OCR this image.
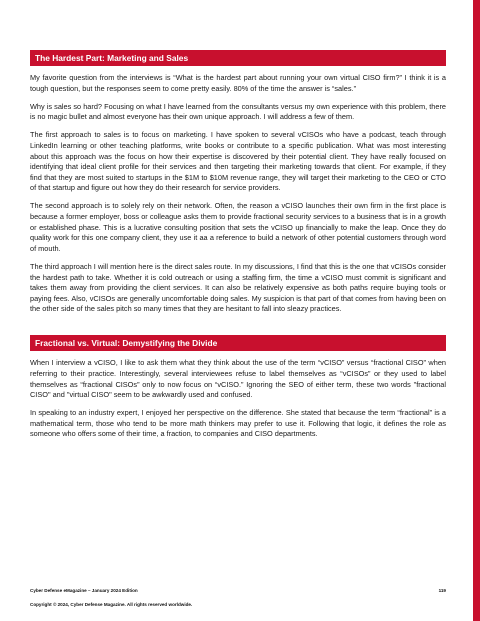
The Hardest Part: Marketing and Sales

My favorite question from the interviews is “What is the hardest part about running your own virtual CISO firm?” I think it is a tough question, but the responses seem to come pretty easily. 80% of the time the answer is “sales.”

Why is sales so hard? Focusing on what I have learned from the consultants versus my own experience with this problem, there is no magic bullet and almost everyone has their own unique approach. I will address a few of them.

The first approach to sales is to focus on marketing. I have spoken to several vCISOs who have a podcast, teach through LinkedIn learning or other teaching platforms, write books or contribute to a specific publication. What was most interesting about this approach was the focus on how their expertise is discovered by their potential client. They have really focused on identifying that ideal client profile for their services and then targeting their marketing towards that client. For example, if they find that they are most suited to startups in the $1M to $10M revenue range, they will target their marketing to the CEO or CTO of that startup and figure out how they do their research for service providers.

The second approach is to solely rely on their network. Often, the reason a vCISO launches their own firm in the first place is because a former employer, boss or colleague asks them to provide fractional security services to a business that is in a growth or established phase. This is a lucrative consulting position that sets the vCISO up financially to make the leap. Once they do quality work for this one company client, they use it aa a reference to build a network of other potential customers through word of mouth.

The third approach I will mention here is the direct sales route. In my discussions, I find that this is the one that vCISOs consider the hardest path to take. Whether it is cold outreach or using a staffing firm, the time a vCISO must commit is significant and takes them away from providing the client services. It can also be relatively expensive as both paths require buying tools or paying fees. Also, vCISOs are generally uncomfortable doing sales. My suspicion is that part of that comes from having been on the other side of the sales pitch so many times that they are hesitant to fall into sleazy practices.

Fractional vs. Virtual: Demystifying the Divide

When I interview a vCISO, I like to ask them what they think about the use of the term “vCISO” versus “fractional CISO” when referring to their practice. Interestingly, several interviewees refuse to label themselves as “vCISOs” or they used to label themselves as “fractional CISOs” only to now focus on “vCISO.” Ignoring the SEO of either term, these two words "fractional CISO" and "virtual CISO" seem to be awkwardly used and confused.

In speaking to an industry expert, I enjoyed her perspective on the difference. She stated that because the term “fractional” is a mathematical term, those who tend to be more math thinkers may prefer to use it. Following that logic, it defines the role as someone who offers some of their time, a fraction, to companies and CISO departments.

Cyber Defense eMagazine – January 2024 Edition	119
Copyright © 2024, Cyber Defense Magazine. All rights reserved worldwide.
